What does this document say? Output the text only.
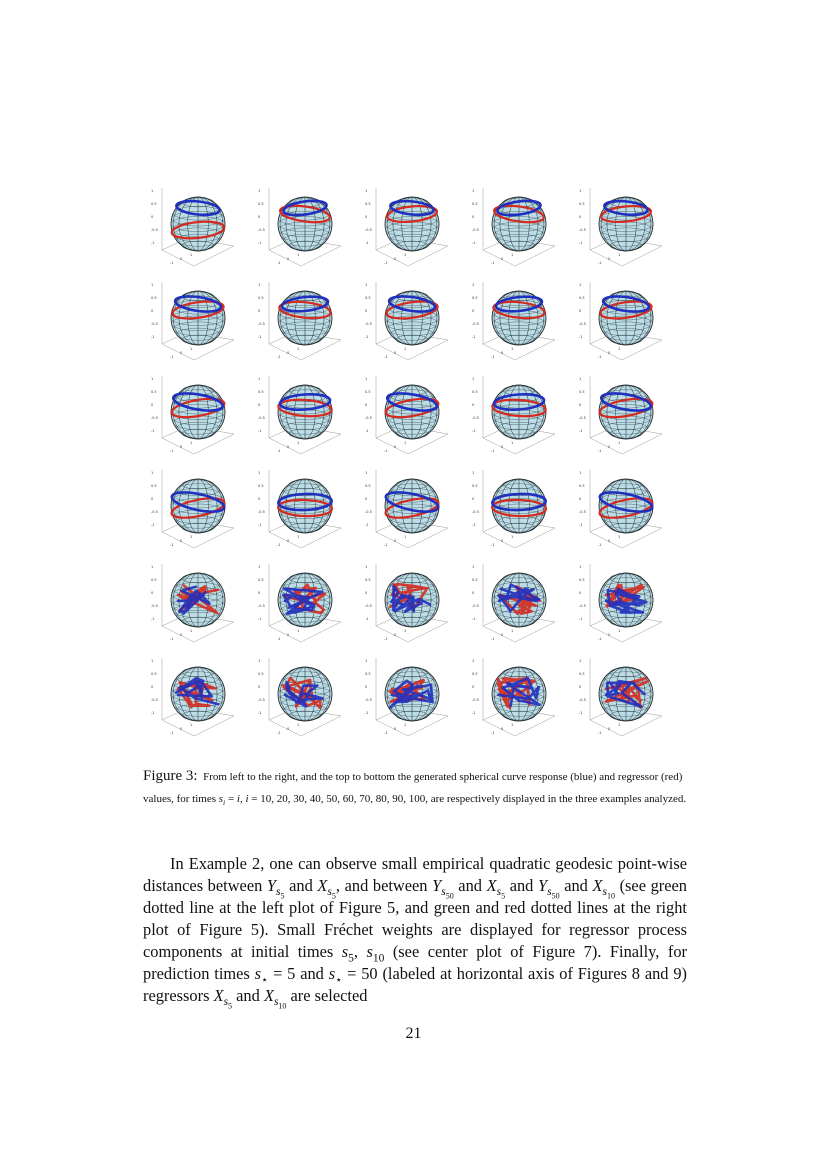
1
0.5
0
-0.5
-1
-1
0
1
1
0.5
0
-0.5
-1
-1
0
1
1
0.5
0
-0.5
-1
-1
0
1
1
0.5
0
-0.5
-1
-1
0
1
1
0.5
0
-0.5
-1
-1
0
1
1
0.5
0
-0.5
-1
-1
0
1
1
0.5
0
-0.5
-1
-1
0
1
1
0.5
0
-0.5
-1
-1
0
1
1
0.5
0
-0.5
-1
-1
0
1
1
0.5
0
-0.5
-1
-1
0
1
1
0.5
0
-0.5
-1
-1
0
1
1
0.5
0
-0.5
-1
-1
0
1
1
0.5
0
-0.5
-1
-1
0
1
1
0.5
0
-0.5
-1
-1
0
1
1
0.5
0
-0.5
-1
-1
0
1
1
0.5
0
-0.5
-1
-1
0
1
1
0.5
0
-0.5
-1
-1
0
1
1
0.5
0
-0.5
-1
-1
0
1
1
0.5
0
-0.5
-1
-1
0
1
1
0.5
0
-0.5
-1
-1
0
1
1
0.5
0
-0.5
-1
-1
0
1
1
0.5
0
-0.5
-1
-1
0
1
1
0.5
0
-0.5
-1
-1
0
1
1
0.5
0
-0.5
-1
-1
0
1
1
0.5
0
-0.5
-1
-1
0
1
1
0.5
0
-0.5
-1
-1
0
1
1
0.5
0
-0.5
-1
-1
0
1
1
0.5
0
-0.5
-1
-1
0
1
1
0.5
0
-0.5
-1
-1
0
1
1
0.5
0
-0.5
-1
-1
0
1
Figure 3: From left to the right, and the top to bottom the generated spherical curve response (blue) and regressor (red) values, for times $s_i = i$, i = 10, 20, 30, 40, 50, 60, 70, 80, 90, 100, are respectively displayed in the three examples analyzed.

In Example 2, one can observe small empirical quadratic geodesic point-wise distances between $Y_{s_5}$ and $X_{s_5}$, and between $Y_{s_{50}}$ and $X_{s_5}$ and $Y_{s_{50}}$ and $X_{s_{10}}$ (see green dotted line at the left plot of Figure 5, and green and red dotted lines at the right plot of Figure 5). Small Fréchet weights are displayed for regressor process components at initial times $s_5$, $s_{10}$ (see center plot of Figure 7). Finally, for prediction times $s_⋆ = 5$ and $s_⋆ = 50$ (labeled at horizontal axis of Figures 8 and 9) regressors $X_{s_5}$ and $X_{s_{10}}$ are selected

21
